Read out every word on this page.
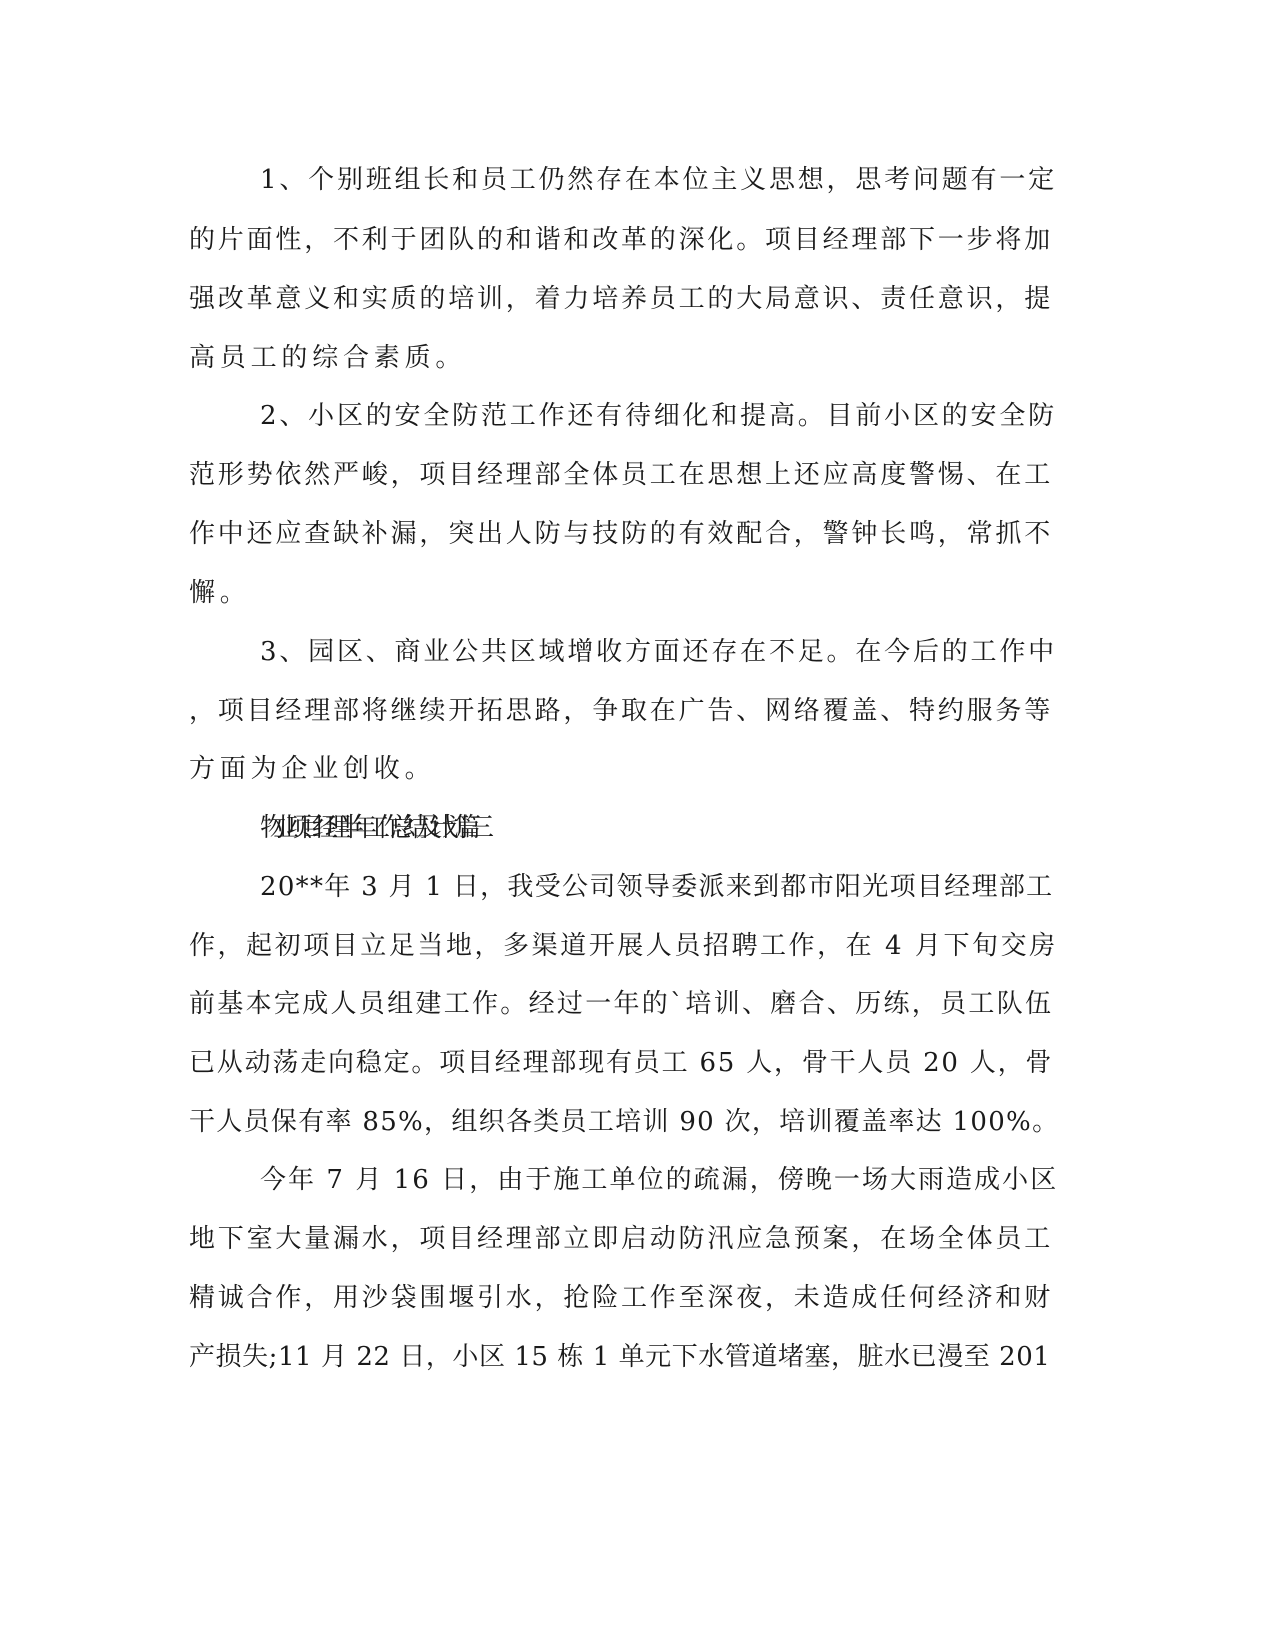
1、个别班组长和员工仍然存在本位主义思想，思考问题有一定
的片面性，不利于团队的和谐和改革的深化。项目经理部下一步将加
强改革意义和实质的培训，着力培养员工的大局意识、责任意识，提
高员工的综合素质。
2、小区的安全防范工作还有待细化和提高。目前小区的安全防
范形势依然严峻，项目经理部全体员工在思想上还应高度警惕、在工
作中还应查缺补漏，突出人防与技防的有效配合，警钟长鸣，常抓不
懈。
3、园区、商业公共区域增收方面还存在不足。在今后的工作中
，项目经理部将继续开拓思路，争取在广告、网络覆盖、特约服务等
方面为企业创收。
物业项目经理半年工作总结及计划篇三
20**年 3 月 1 日，我受公司领导委派来到都市阳光项目经理部工
作，起初项目立足当地，多渠道开展人员招聘工作，在 4 月下旬交房
前基本完成人员组建工作。经过一年的`培训、磨合、历练，员工队伍
已从动荡走向稳定。项目经理部现有员工 65 人，骨干人员 20 人，骨
干人员保有率 85%，组织各类员工培训 90 次，培训覆盖率达 100%。
今年 7 月 16 日，由于施工单位的疏漏，傍晚一场大雨造成小区
地下室大量漏水，项目经理部立即启动防汛应急预案，在场全体员工
精诚合作，用沙袋围堰引水，抢险工作至深夜，未造成任何经济和财
产损失;11 月 22 日，小区 15 栋 1 单元下水管道堵塞，脏水已漫至 201
